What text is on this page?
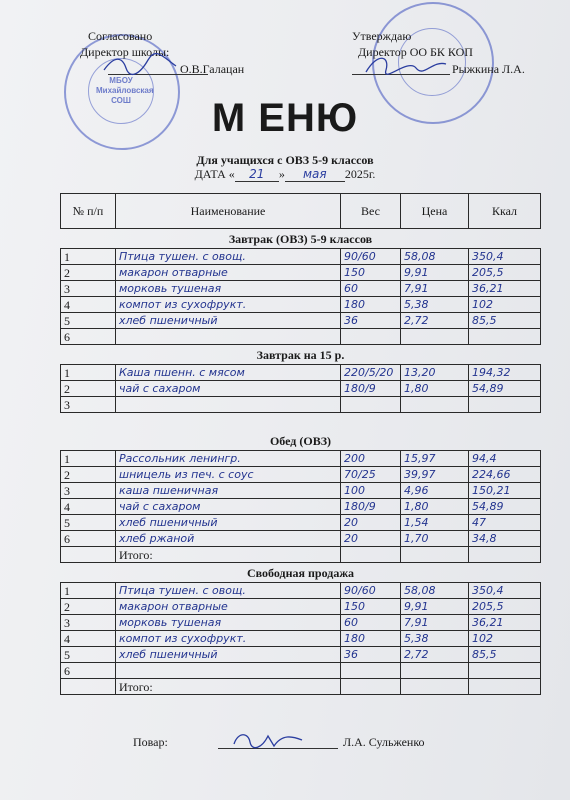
МБОУ
Михайловская
СОШ
Согласовано
Директор школы:
О.В.Галацан
Утверждаю
Директор ОО БК КОП
Рыжкина Л.А.
М ЕНЮ
Для учащихся с ОВЗ 5-9 классов
ДАТА « 21 » мая 2025г.
№ п/п	Наименование	Вес	Цена	Ккал
Завтрак (ОВЗ) 5-9 классов				
1	Птица тушен. с овощ.	90/60	58,08	350,4
2	макарон отварные	150	9,91	205,5
3	морковь тушеная	60	7,91	36,21
4	компот из сухофрукт.	180	5,38	102
5	хлеб пшеничный	36	2,72	85,5
6				
Завтрак на 15 р.				
1	Каша пшенн. с мясом	220/5/20	13,20	194,32
2	чай с сахаром	180/9	1,80	54,89
3				

Обед (ОВЗ)				
1	Рассольник ленингр.	200	15,97	94,4
2	шницель из печ. с соус	70/25	39,97	224,66
3	каша пшеничная	100	4,96	150,21
4	чай с сахаром	180/9	1,80	54,89
5	хлеб пшеничный	20	1,54	47
6	хлеб ржаной	20	1,70	34,8
	Итого:			
Свободная продажа				
1	Птица тушен. с овощ.	90/60	58,08	350,4
2	макарон отварные	150	9,91	205,5
3	морковь тушеная	60	7,91	36,21
4	компот из сухофрукт.	180	5,38	102
5	хлеб пшеничный	36	2,72	85,5
6				
	Итого:			
Повар:	Л.А. Сульженко
